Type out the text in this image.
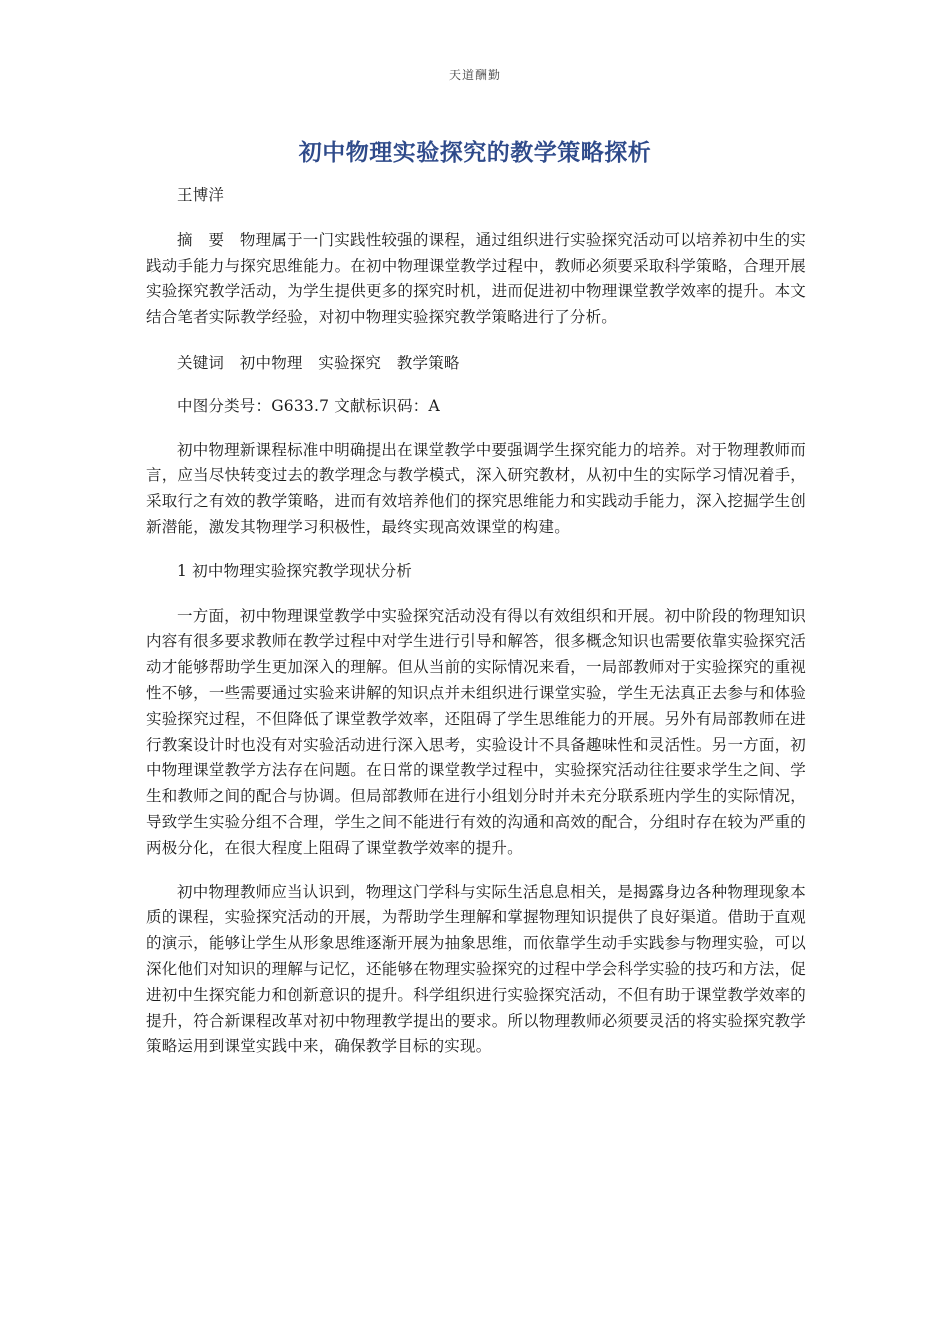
天道酬勤
初中物理实验探究的教学策略探析

王博洋

摘　要　物理属于一门实践性较强的课程，通过组织进行实验探究活动可以培养初中生的实践动手能力与探究思维能力。在初中物理课堂教学过程中，教师必须要采取科学策略，合理开展实验探究教学活动，为学生提供更多的探究时机，进而促进初中物理课堂教学效率的提升。本文结合笔者实际教学经验，对初中物理实验探究教学策略进行了分析。

关键词　初中物理　实验探究　教学策略

中图分类号：G633.7 文献标识码：A

初中物理新课程标准中明确提出在课堂教学中要强调学生探究能力的培养。对于物理教师而言，应当尽快转变过去的教学理念与教学模式，深入研究教材，从初中生的实际学习情况着手，采取行之有效的教学策略，进而有效培养他们的探究思维能力和实践动手能力，深入挖掘学生创新潜能，激发其物理学习积极性，最终实现高效课堂的构建。

1 初中物理实验探究教学现状分析

一方面，初中物理课堂教学中实验探究活动没有得以有效组织和开展。初中阶段的物理知识内容有很多要求教师在教学过程中对学生进行引导和解答，很多概念知识也需要依靠实验探究活动才能够帮助学生更加深入的理解。但从当前的实际情况来看，一局部教师对于实验探究的重视性不够，一些需要通过实验来讲解的知识点并未组织进行课堂实验，学生无法真正去参与和体验实验探究过程，不但降低了课堂教学效率，还阻碍了学生思维能力的开展。另外有局部教师在进行教案设计时也没有对实验活动进行深入思考，实验设计不具备趣味性和灵活性。另一方面，初中物理课堂教学方法存在问题。在日常的课堂教学过程中，实验探究活动往往要求学生之间、学生和教师之间的配合与协调。但局部教师在进行小组划分时并未充分联系班内学生的实际情况，导致学生实验分组不合理，学生之间不能进行有效的沟通和高效的配合，分组时存在较为严重的两极分化，在很大程度上阻碍了课堂教学效率的提升。

初中物理教师应当认识到，物理这门学科与实际生活息息相关，是揭露身边各种物理现象本质的课程，实验探究活动的开展，为帮助学生理解和掌握物理知识提供了良好渠道。借助于直观的演示，能够让学生从形象思维逐渐开展为抽象思维，而依靠学生动手实践参与物理实验，可以深化他们对知识的理解与记忆，还能够在物理实验探究的过程中学会科学实验的技巧和方法，促进初中生探究能力和创新意识的提升。科学组织进行实验探究活动，不但有助于课堂教学效率的提升，符合新课程改革对初中物理教学提出的要求。所以物理教师必须要灵活的将实验探究教学策略运用到课堂实践中来，确保教学目标的实现。
